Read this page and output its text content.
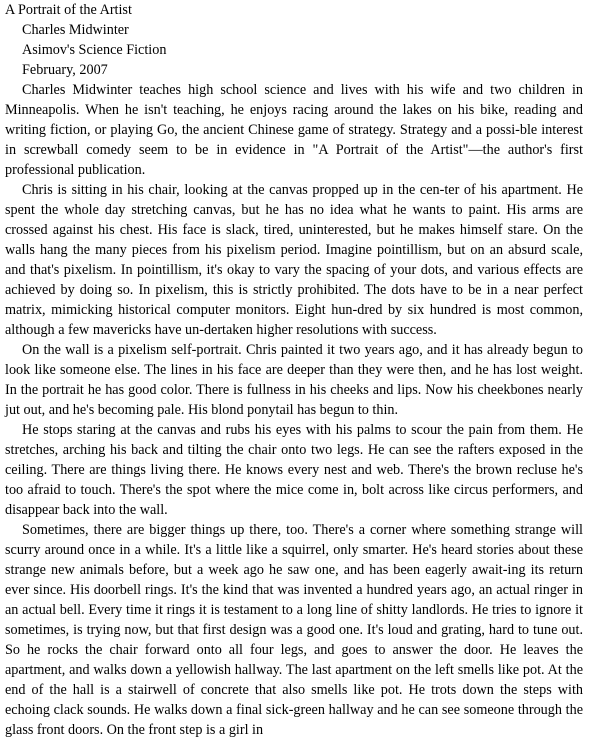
A Portrait of the Artist

Charles Midwinter

Asimov's Science Fiction

February, 2007

Charles Midwinter teaches high school science and lives with his wife and two children in Minneapolis. When he isn't teaching, he enjoys racing around the lakes on his bike, reading and writing fiction, or playing Go, the ancient Chinese game of strategy. Strategy and a possi-ble interest in screwball comedy seem to be in evidence in "A Portrait of the Artist"—the author's first professional publication.

Chris is sitting in his chair, looking at the canvas propped up in the cen-ter of his apartment. He spent the whole day stretching canvas, but he has no idea what he wants to paint. His arms are crossed against his chest. His face is slack, tired, uninterested, but he makes himself stare. On the walls hang the many pieces from his pixelism period. Imagine pointillism, but on an absurd scale, and that's pixelism. In pointillism, it's okay to vary the spacing of your dots, and various effects are achieved by doing so. In pixelism, this is strictly prohibited. The dots have to be in a near perfect matrix, mimicking historical computer monitors. Eight hun-dred by six hundred is most common, although a few mavericks have un-dertaken higher resolutions with success.

On the wall is a pixelism self-portrait. Chris painted it two years ago, and it has already begun to look like someone else. The lines in his face are deeper than they were then, and he has lost weight. In the portrait he has good color. There is fullness in his cheeks and lips. Now his cheekbones nearly jut out, and he's becoming pale. His blond ponytail has begun to thin.

He stops staring at the canvas and rubs his eyes with his palms to scour the pain from them. He stretches, arching his back and tilting the chair onto two legs. He can see the rafters exposed in the ceiling. There are things living there. He knows every nest and web. There's the brown recluse he's too afraid to touch. There's the spot where the mice come in, bolt across like circus performers, and disappear back into the wall.

Sometimes, there are bigger things up there, too. There's a corner where something strange will scurry around once in a while. It's a little like a squirrel, only smarter. He's heard stories about these strange new animals before, but a week ago he saw one, and has been eagerly await-ing its return ever since. His doorbell rings. It's the kind that was invented a hundred years ago, an actual ringer in an actual bell. Every time it rings it is testament to a long line of shitty landlords. He tries to ignore it sometimes, is trying now, but that first design was a good one. It's loud and grating, hard to tune out. So he rocks the chair forward onto all four legs, and goes to answer the door. He leaves the apartment, and walks down a yellowish hallway. The last apartment on the left smells like pot. At the end of the hall is a stairwell of concrete that also smells like pot. He trots down the steps with echoing clack sounds. He walks down a final sick-green hallway and he can see someone through the glass front doors. On the front step is a girl in
